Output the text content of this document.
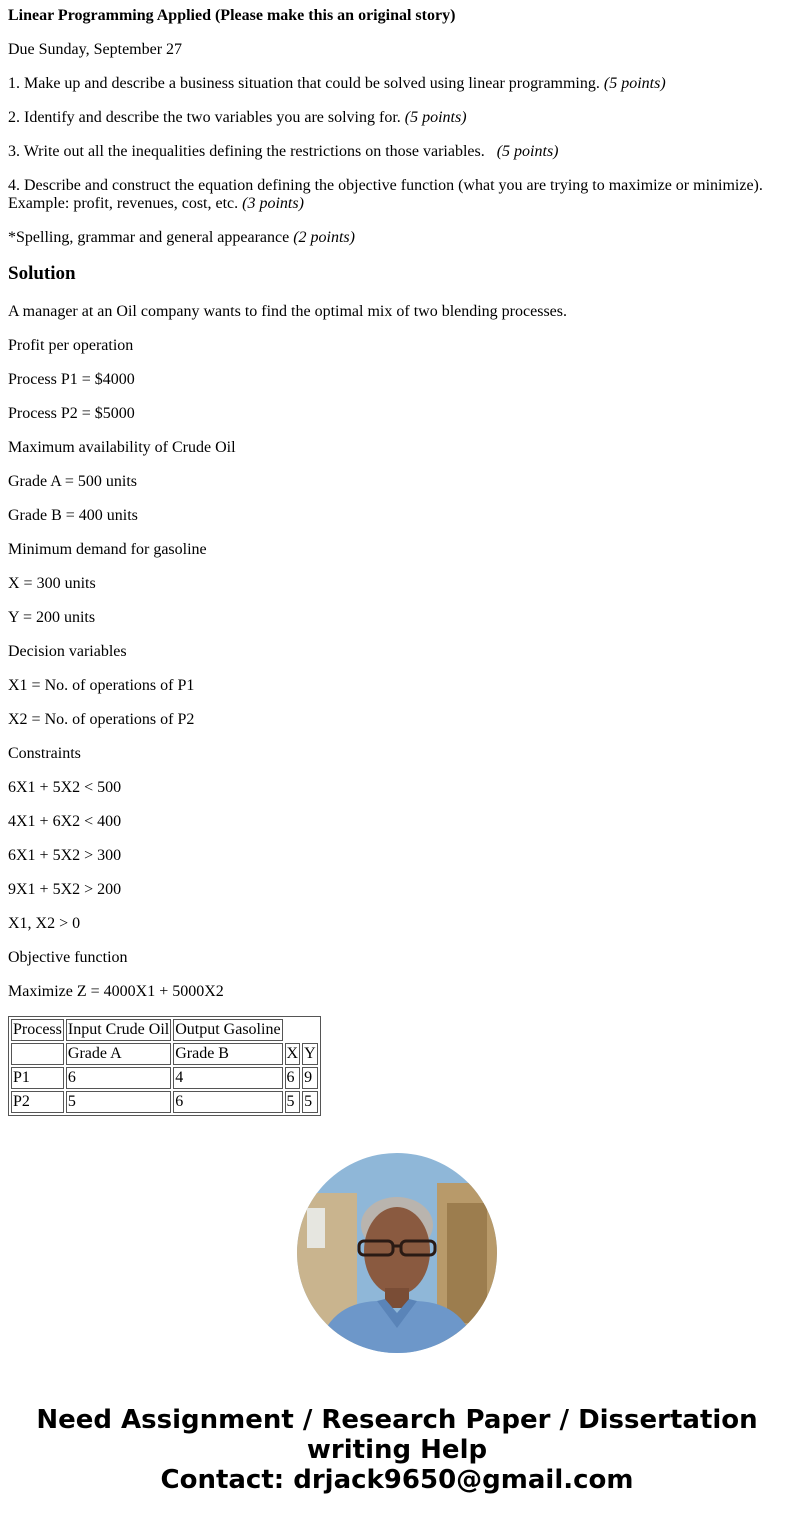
Linear Programming Applied (Please make this an original story)

Due Sunday, September 27

1. Make up and describe a business situation that could be solved using linear programming. (5 points)

2. Identify and describe the two variables you are solving for. (5 points)

3. Write out all the inequalities defining the restrictions on those variables.   (5 points)

4. Describe and construct the equation defining the objective function (what you are trying to maximize or minimize). Example: profit, revenues, cost, etc. (3 points)

*Spelling, grammar and general appearance (2 points)

Solution

A manager at an Oil company wants to find the optimal mix of two blending processes.

Profit per operation

Process P1 = $4000

Process P2 = $5000

Maximum availability of Crude Oil

Grade A = 500 units

Grade B = 400 units

Minimum demand for gasoline

X = 300 units

Y = 200 units

Decision variables

X1 = No. of operations of P1

X2 = No. of operations of P2

Constraints

6X1 + 5X2 < 500

4X1 + 6X2 < 400

6X1 + 5X2 > 300

9X1 + 5X2 > 200

X1, X2 > 0

Objective function

Maximize Z = 4000X1 + 5000X2

Process	Input Crude Oil	Output Gasoline		
	Grade A	Grade B	X	Y
P1	6	4	6	9
P2	5	6	5	5
Need Assignment / Research Paper / Dissertation
writing Help
Contact: drjack9650@gmail.com
